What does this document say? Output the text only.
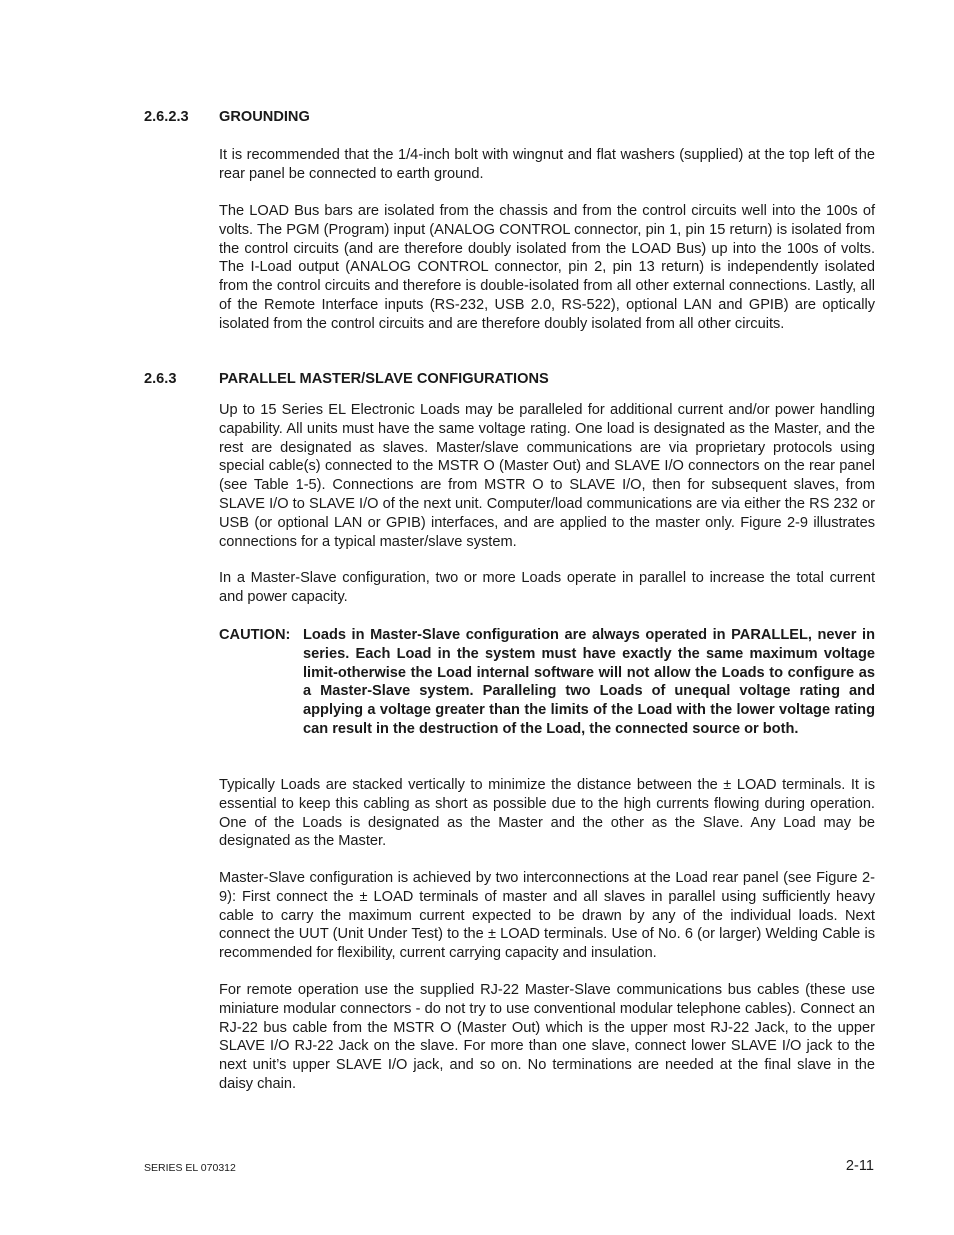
2.6.2.3	GROUNDING

It is recommended that the 1/4-inch bolt with wingnut and flat washers (supplied) at the top left of the rear panel be connected to earth ground.

The LOAD Bus bars are isolated from the chassis and from the control circuits well into the 100s of volts. The PGM (Program) input (ANALOG CONTROL connector, pin 1, pin 15 return) is isolated from the control circuits (and are therefore doubly isolated from the LOAD Bus) up into the 100s of volts. The I-Load output (ANALOG CONTROL connector, pin 2, pin 13 return) is independently isolated from the control circuits and therefore is double-isolated from all other external connections. Lastly, all of the Remote Interface inputs (RS-232, USB 2.0, RS-522), optional LAN and GPIB) are optically isolated from the control circuits and are therefore doubly isolated from all other circuits.

2.6.3	PARALLEL MASTER/SLAVE CONFIGURATIONS

Up to 15 Series EL Electronic Loads may be paralleled for additional current and/or power handling capability. All units must have the same voltage rating. One load is designated as the Master, and the rest are designated as slaves. Master/slave communications are via proprietary protocols using special cable(s) connected to the MSTR O (Master Out) and SLAVE I/O connectors on the rear panel (see Table 1-5). Connections are from MSTR O to SLAVE I/O, then for subsequent slaves, from SLAVE I/O to SLAVE I/O of the next unit. Computer/load communications are via either the RS 232 or USB (or optional LAN or GPIB) interfaces, and are applied to the master only. Figure 2-9 illustrates connections for a typical master/slave system.

In a Master-Slave configuration, two or more Loads operate in parallel to increase the total current and power capacity.

CAUTION: Loads in Master-Slave configuration are always operated in PARALLEL, never in series. Each Load in the system must have exactly the same maximum voltage limit-otherwise the Load internal software will not allow the Loads to configure as a Master-Slave system. Paralleling two Loads of unequal voltage rating and applying a voltage greater than the limits of the Load with the lower voltage rating can result in the destruction of the Load, the connected source or both.

Typically Loads are stacked vertically to minimize the distance between the ± LOAD terminals. It is essential to keep this cabling as short as possible due to the high currents flowing during operation. One of the Loads is designated as the Master and the other as the Slave. Any Load may be designated as the Master.

Master-Slave configuration is achieved by two interconnections at the Load rear panel (see Figure 2-9): First connect the ± LOAD terminals of master and all slaves in parallel using sufficiently heavy cable to carry the maximum current expected to be drawn by any of the individual loads. Next connect the UUT (Unit Under Test) to the ± LOAD terminals. Use of No. 6 (or larger) Welding Cable is recommended for flexibility, current carrying capacity and insulation.

For remote operation use the supplied RJ-22 Master-Slave communications bus cables (these use miniature modular connectors - do not try to use conventional modular telephone cables). Connect an RJ-22 bus cable from the MSTR O (Master Out) which is the upper most RJ-22 Jack, to the upper SLAVE I/O RJ-22 Jack on the slave. For more than one slave, connect lower SLAVE I/O jack to the next unit’s upper SLAVE I/O jack, and so on. No terminations are needed at the final slave in the daisy chain.

SERIES EL 070312	2-11
